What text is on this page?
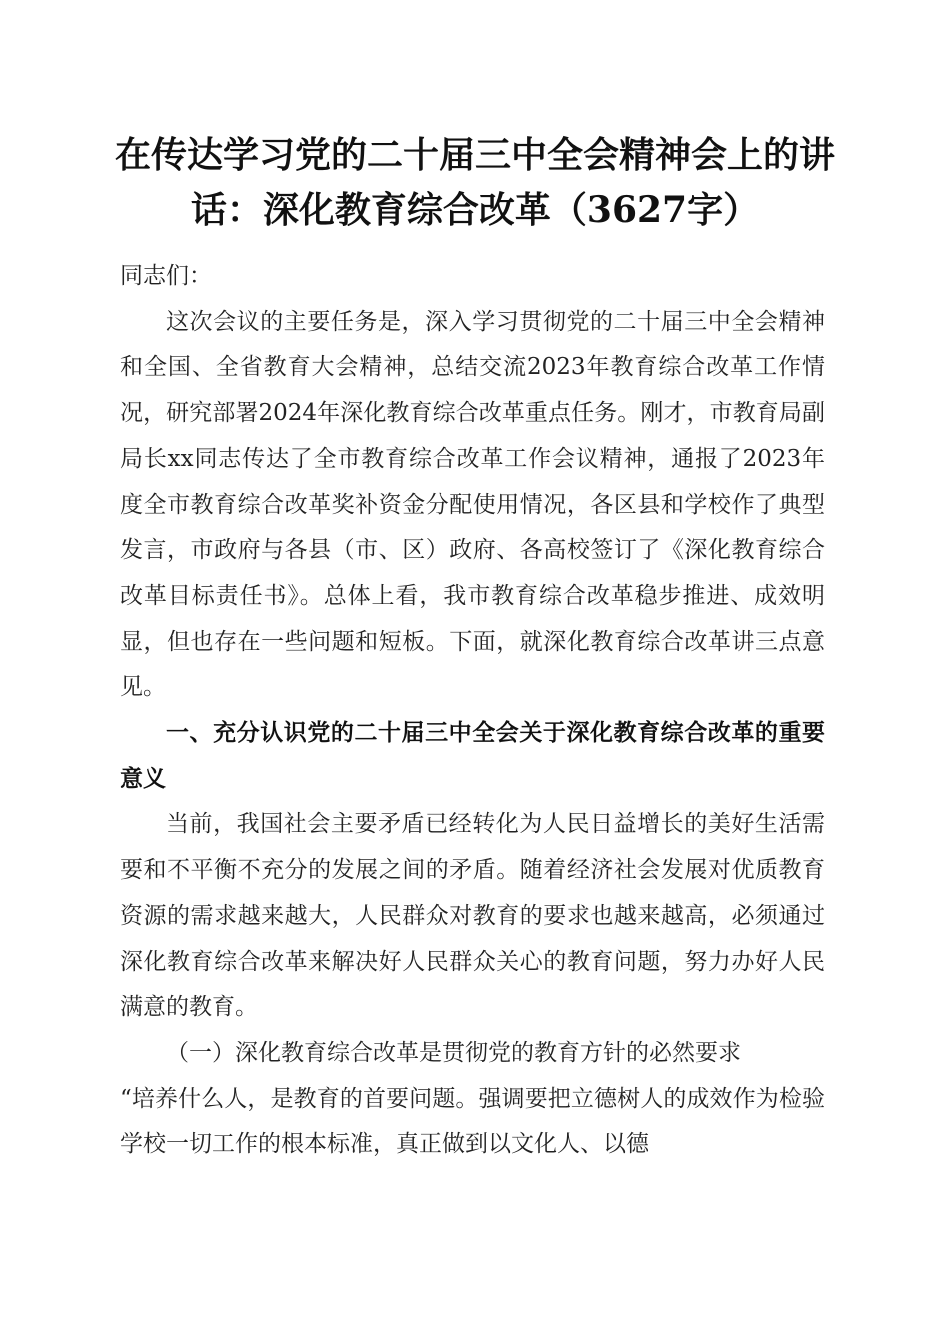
在传达学习党的二十届三中全会精神会上的讲话：深化教育综合改革（3627字）

同志们：

这次会议的主要任务是，深入学习贯彻党的二十届三中全会精神和全国、全省教育大会精神，总结交流2023年教育综合改革工作情况，研究部署2024年深化教育综合改革重点任务。刚才，市教育局副局长xx同志传达了全市教育综合改革工作会议精神，通报了2023年度全市教育综合改革奖补资金分配使用情况，各区县和学校作了典型发言，市政府与各县（市、区）政府、各高校签订了《深化教育综合改革目标责任书》。总体上看，我市教育综合改革稳步推进、成效明显，但也存在一些问题和短板。下面，就深化教育综合改革讲三点意见。

一、充分认识党的二十届三中全会关于深化教育综合改革的重要意义

当前，我国社会主要矛盾已经转化为人民日益增长的美好生活需要和不平衡不充分的发展之间的矛盾。随着经济社会发展对优质教育资源的需求越来越大，人民群众对教育的要求也越来越高，必须通过深化教育综合改革来解决好人民群众关心的教育问题，努力办好人民满意的教育。

（一）深化教育综合改革是贯彻党的教育方针的必然要求

“培养什么人，是教育的首要问题。强调要把立德树人的成效作为检验学校一切工作的根本标准，真正做到以文化人、以德
